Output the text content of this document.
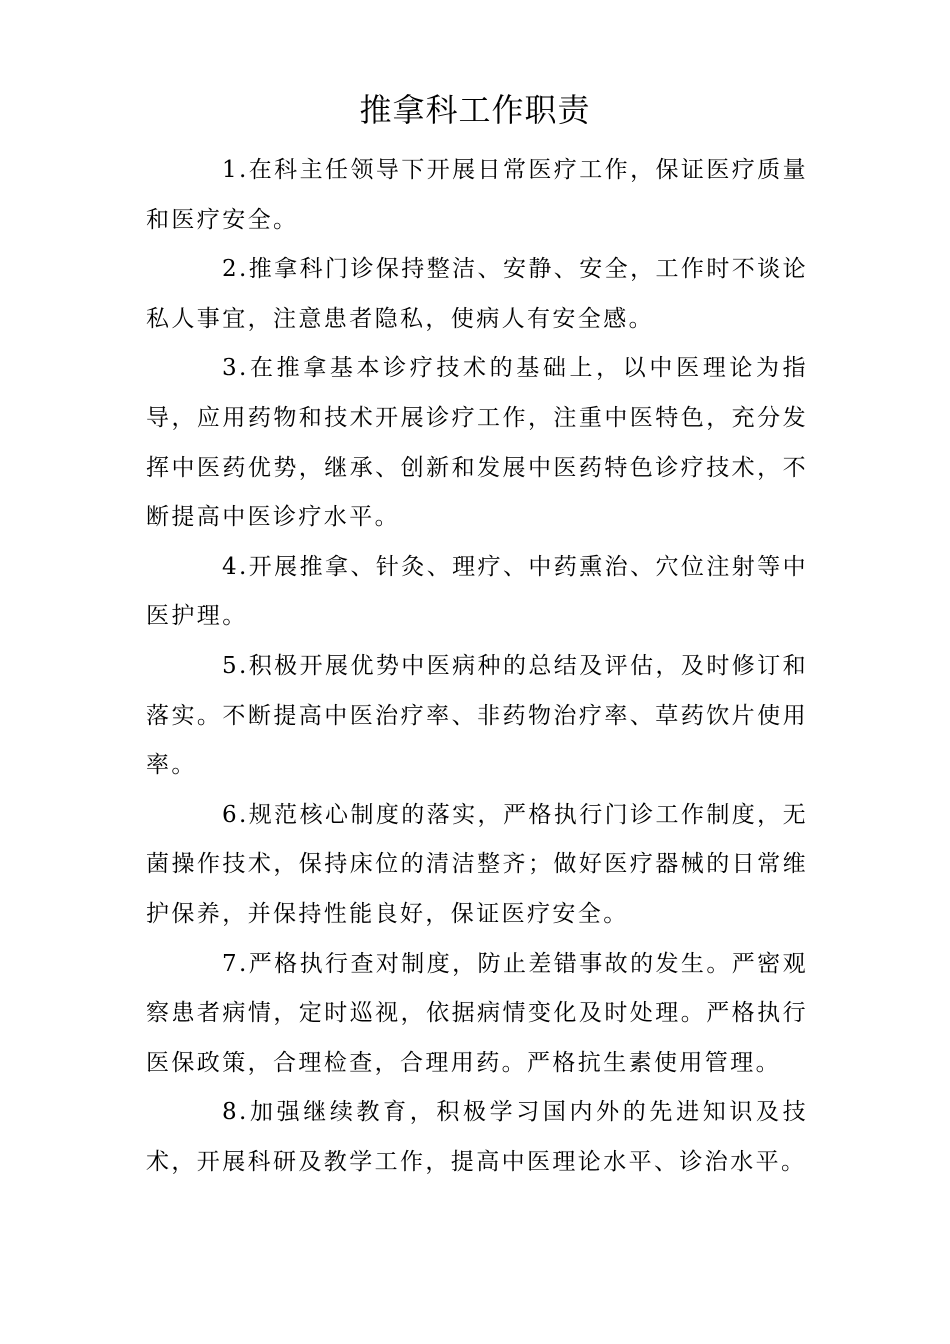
推拿科工作职责

1.在科主任领导下开展日常医疗工作，保证医疗质量和医疗安全。

2.推拿科门诊保持整洁、安静、安全，工作时不谈论私人事宜，注意患者隐私，使病人有安全感。

3.在推拿基本诊疗技术的基础上，以中医理论为指导，应用药物和技术开展诊疗工作，注重中医特色，充分发挥中医药优势，继承、创新和发展中医药特色诊疗技术，不断提高中医诊疗水平。

4.开展推拿、针灸、理疗、中药熏治、穴位注射等中医护理。

5.积极开展优势中医病种的总结及评估，及时修订和落实。不断提高中医治疗率、非药物治疗率、草药饮片使用率。

6.规范核心制度的落实，严格执行门诊工作制度，无菌操作技术，保持床位的清洁整齐；做好医疗器械的日常维护保养，并保持性能良好，保证医疗安全。

7.严格执行查对制度，防止差错事故的发生。严密观察患者病情，定时巡视，依据病情变化及时处理。严格执行医保政策，合理检查，合理用药。严格抗生素使用管理。

8.加强继续教育，积极学习国内外的先进知识及技术，开展科研及教学工作，提高中医理论水平、诊治水平。
